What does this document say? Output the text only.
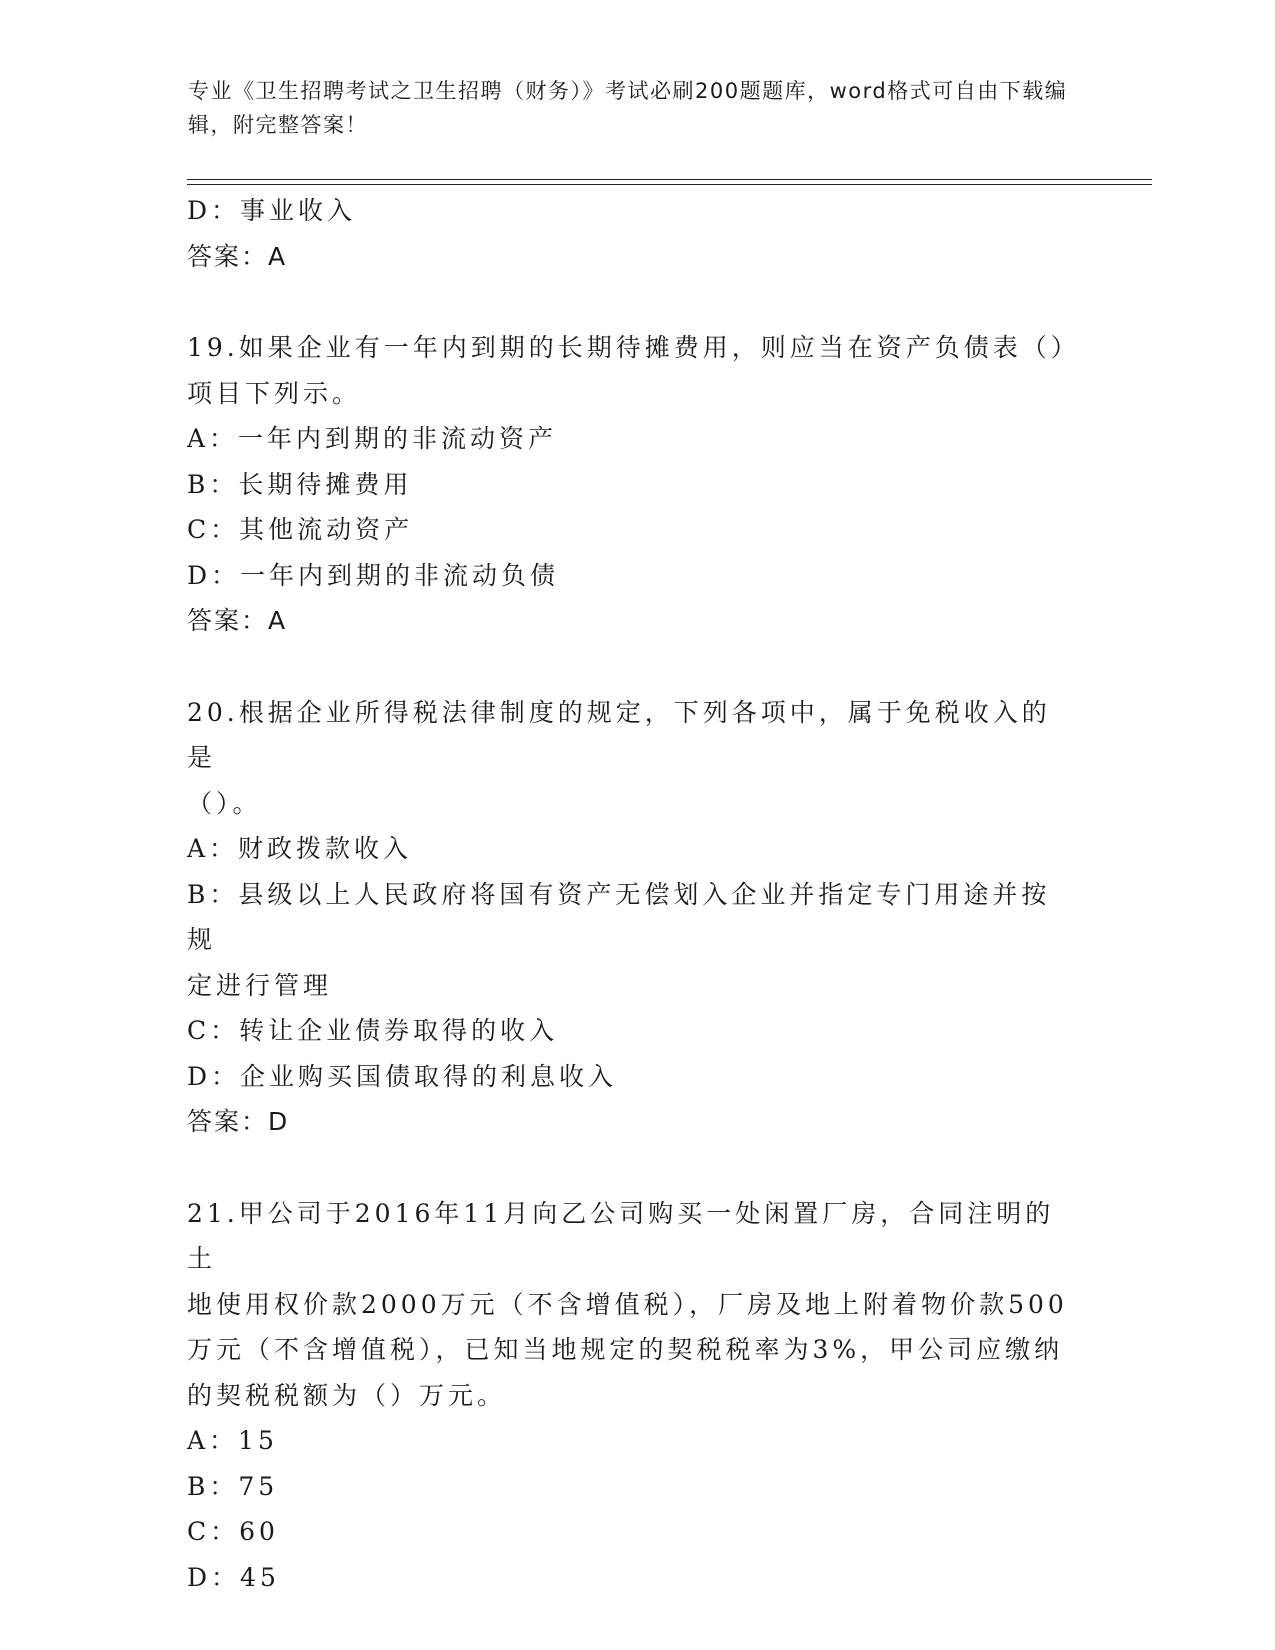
专业《卫生招聘考试之卫生招聘（财务）》考试必刷200题题库，word格式可自由下载编辑，附完整答案！
D：事业收入
答案：A
19.如果企业有一年内到期的长期待摊费用，则应当在资产负债表（）
项目下列示。
A：一年内到期的非流动资产
B：长期待摊费用
C：其他流动资产
D：一年内到期的非流动负债
答案：A
20.根据企业所得税法律制度的规定，下列各项中，属于免税收入的是
（）。
A：财政拨款收入
B：县级以上人民政府将国有资产无偿划入企业并指定专门用途并按规
定进行管理
C：转让企业债券取得的收入
D：企业购买国债取得的利息收入
答案：D
21.甲公司于2016年11月向乙公司购买一处闲置厂房，合同注明的土
地使用权价款2000万元（不含增值税），厂房及地上附着物价款500
万元（不含增值税），已知当地规定的契税税率为3%，甲公司应缴纳
的契税税额为（）万元。
A：15
B：75
C：60
D：45
